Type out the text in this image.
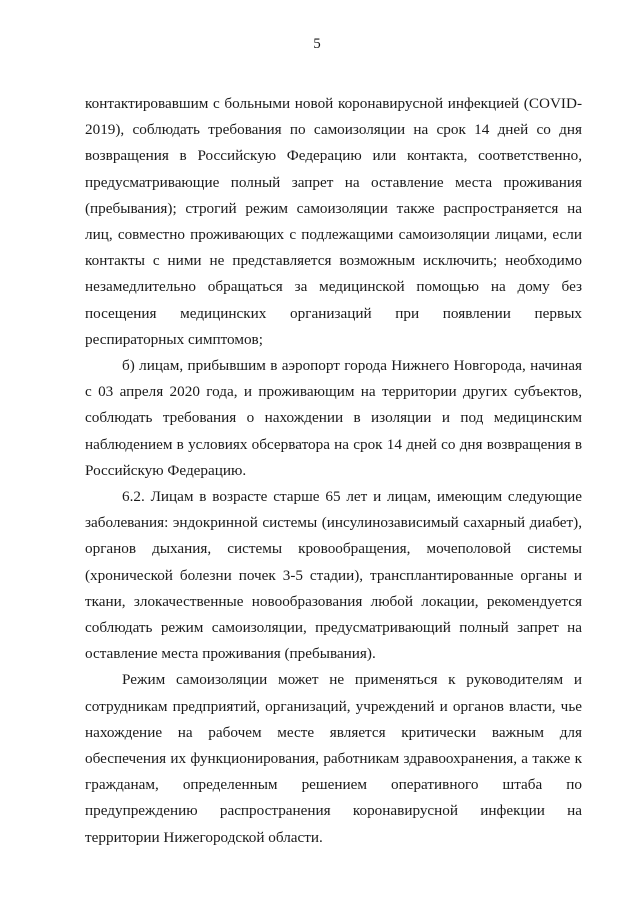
5

контактировавшим с больными новой коронавирусной инфекцией (COVID-2019), соблюдать требования по самоизоляции на срок 14 дней со дня возвращения в Российскую Федерацию или контакта, соответственно, предусматривающие полный запрет на оставление места проживания (пребывания); строгий режим самоизоляции также распространяется на лиц, совместно проживающих с подлежащими самоизоляции лицами, если контакты с ними не представляется возможным исключить; необходимо незамедлительно обращаться за медицинской помощью на дому без посещения медицинских организаций при появлении первых респираторных симптомов;

б) лицам, прибывшим в аэропорт города Нижнего Новгорода, начиная с 03 апреля 2020 года, и проживающим на территории других субъектов, соблюдать требования о нахождении в изоляции и под медицинским наблюдением в условиях обсерватора на срок 14 дней со дня возвращения в Российскую Федерацию.

6.2. Лицам в возрасте старше 65 лет и лицам, имеющим следующие заболевания: эндокринной системы (инсулинозависимый сахарный диабет), органов дыхания, системы кровообращения, мочеполовой системы (хронической болезни почек 3-5 стадии), трансплантированные органы и ткани, злокачественные новообразования любой локации, рекомендуется соблюдать режим самоизоляции, предусматривающий полный запрет на оставление места проживания (пребывания).

Режим самоизоляции может не применяться к руководителям и сотрудникам предприятий, организаций, учреждений и органов власти, чье нахождение на рабочем месте является критически важным для обеспечения их функционирования, работникам здравоохранения, а также к гражданам, определенным решением оперативного штаба по предупреждению распространения коронавирусной инфекции на территории Нижегородской области.
